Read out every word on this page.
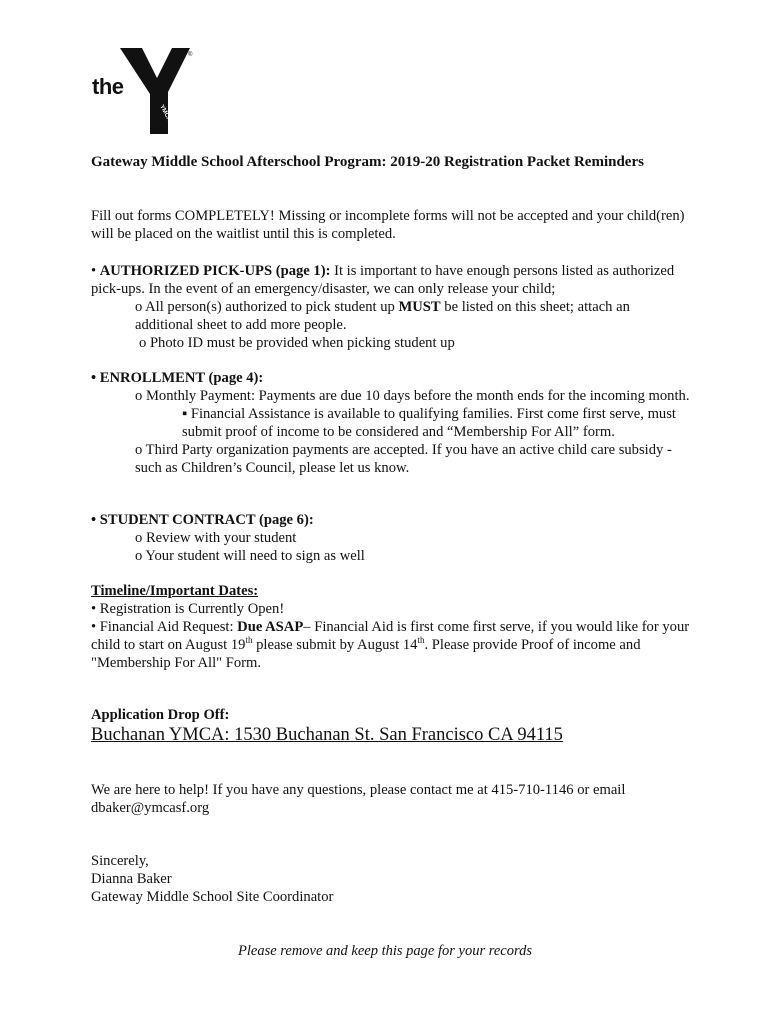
the
YMCA
®
Gateway Middle School Afterschool Program: 2019-20 Registration Packet Reminders

Fill out forms COMPLETELY! Missing or incomplete forms will not be accepted and your child(ren) will be placed on the waitlist until this is completed.

• AUTHORIZED PICK-UPS (page 1): It is important to have enough persons listed as authorized pick-ups. In the event of an emergency/disaster, we can only release your child;

o All person(s) authorized to pick student up MUST be listed on this sheet; attach an additional sheet to add more people.

o Photo ID must be provided when picking student up

• ENROLLMENT (page 4):

o Monthly Payment: Payments are due 10 days before the month ends for the incoming month.

▪ Financial Assistance is available to qualifying families. First come first serve, must submit proof of income to be considered and “Membership For All” form.

o Third Party organization payments are accepted. If you have an active child care subsidy - such as Children’s Council, please let us know.

• STUDENT CONTRACT (page 6):

o Review with your student

o Your student will need to sign as well

Timeline/Important Dates:

• Registration is Currently Open!

• Financial Aid Request: Due ASAP– Financial Aid is first come first serve, if you would like for your child to start on August 19th please submit by August 14th. Please provide Proof of income and "Membership For All" Form.

Application Drop Off:

Buchanan YMCA: 1530 Buchanan St. San Francisco CA 94115

We are here to help! If you have any questions, please contact me at 415-710-1146 or email dbaker@ymcasf.org

Sincerely,

Dianna Baker

Gateway Middle School Site Coordinator

Please remove and keep this page for your records
